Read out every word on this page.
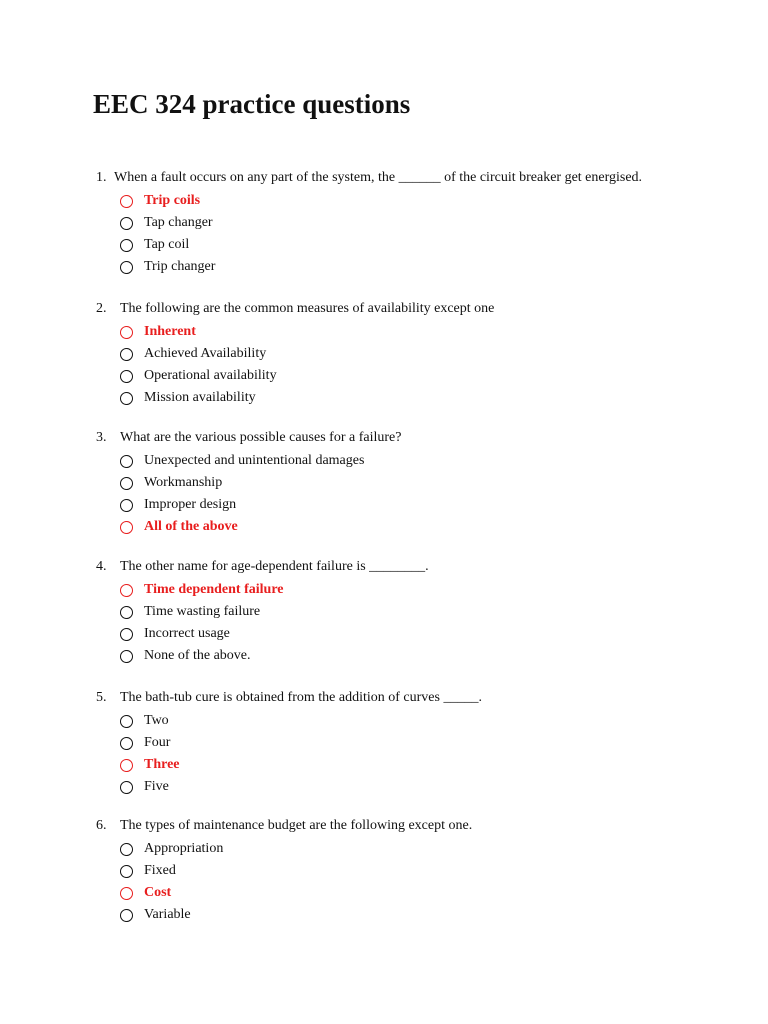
EEC 324 practice questions
1. When a fault occurs on any part of the system, the ______ of the circuit breaker get energised.
Trip coils
Tap changer
Tap coil
Trip changer
2. The following are the common measures of availability except one
Inherent
Achieved Availability
Operational availability
Mission availability
3. What are the various possible causes for a failure?
Unexpected and unintentional damages
Workmanship
Improper design
All of the above
4. The other name for age-dependent failure is ________.
Time dependent failure
Time wasting failure
Incorrect usage
None of the above.
5. The bath-tub cure is obtained from the addition of curves _____.
Two
Four
Three
Five
6. The types of maintenance budget are the following except one.
Appropriation
Fixed
Cost
Variable
